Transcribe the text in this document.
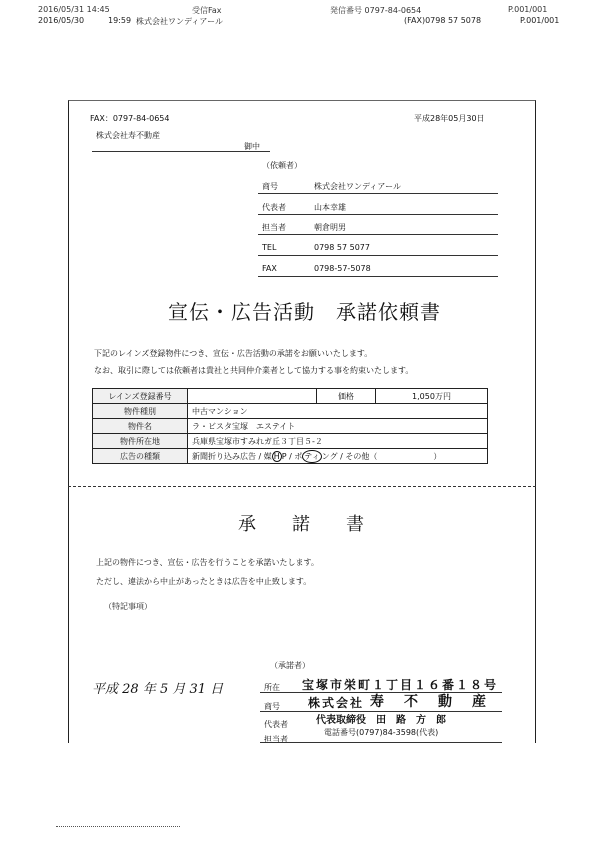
2016/05/31 14:45	受信Fax	発信番号 0797-84-0654	P.001/001
2016/05/30	19:59 株式会社ワンディアール	(FAX)0798 57 5078	P.001/001
FAX：0797-84-0654	平成28年05月30日
株式会社寿不動産
御中
（依頼者）
商号	株式会社ワンディアール
代表者	山本幸雄
担当者	朝倉明男
TEL	0798 57 5077
FAX	0798-57-5078
宣伝・広告活動　承諾依頼書
下記のレインズ登録物件につき、宣伝・広告活動の承諾をお願いいたします。
なお、取引に際しては依頼者は貴社と共同仲介業者として協力する事を約束いたします。
レインズ登録番号		価格	1,050万円
物件種別	中古マンション		
物件名	ラ・ビスタ宝塚　エステイト		
物件所在地	兵庫県宝塚市すみれガ丘３丁目５-２		
広告の種類	新聞折り込み広告 / 媒 H P / ポ ティ ング / その他（　　　　　　　）		
承　　諾　　書
上記の物件につき、宣伝・広告を行うことを承諾いたします。
ただし、違法から中止があったときは広告を中止致します。
（特記事項）
平成 28 年 5 月 31 日
（承諾者）
所在 宝塚市栄町１丁目１６番１８号
商号 株式会社 寿　不　動　産
代表者	代表取締役　田　路　方　郎
担当者
電話番号(0797)84-3598(代表)
